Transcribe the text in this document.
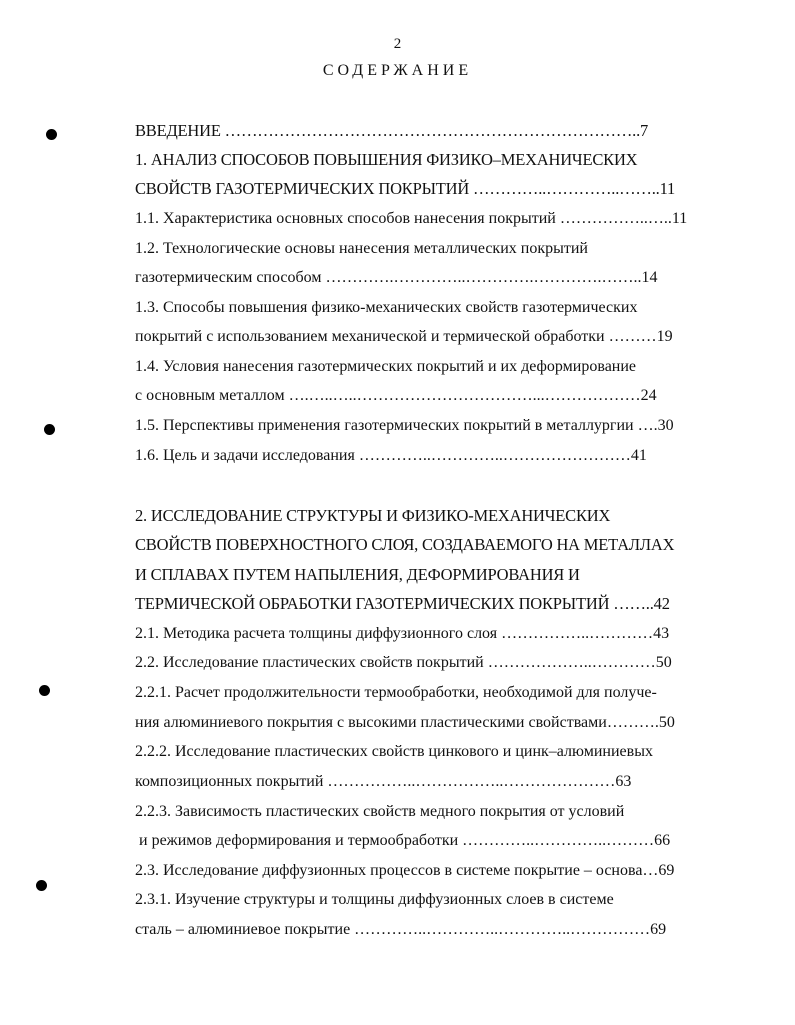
2
СОДЕРЖАНИЕ
ВВЕДЕНИЕ …………………………………………………………………..7
1. АНАЛИЗ СПОСОБОВ ПОВЫШЕНИЯ ФИЗИКО–МЕХАНИЧЕСКИХ
СВОЙСТВ ГАЗОТЕРМИЧЕСКИХ ПОКРЫТИЙ …………..…………..……..11
1.1. Характеристика основных способов нанесения покрытий ……………..…..11
1.2. Технологические основы нанесения металлических покрытий
газотермическим способом ………….…………..………….………….……..14
1.3. Способы повышения физико-механических свойств газотермических
покрытий с использованием механической и термической обработки ………19
1.4. Условия нанесения газотермических покрытий и их деформирование
с основным металлом ….…..…..……………………………...………………24
1.5. Перспективы применения газотермических покрытий в металлургии ….30
1.6. Цель и задачи исследования …………..…………..……………………41
2. ИССЛЕДОВАНИЕ СТРУКТУРЫ И ФИЗИКО-МЕХАНИЧЕСКИХ
СВОЙСТВ ПОВЕРХНОСТНОГО СЛОЯ, СОЗДАВАЕМОГО НА МЕТАЛЛАХ
И СПЛАВАХ ПУТЕМ НАПЫЛЕНИЯ, ДЕФОРМИРОВАНИЯ И
ТЕРМИЧЕСКОЙ ОБРАБОТКИ ГАЗОТЕРМИЧЕСКИХ ПОКРЫТИЙ ……..42
2.1. Методика расчета толщины диффузионного слоя ……………..…………43
2.2. Исследование пластических свойств покрытий ………………..…………50
2.2.1. Расчет продолжительности термообработки, необходимой для получе-
ния алюминиевого покрытия с высокими пластическими свойствами……….50
2.2.2. Исследование пластических свойств цинкового и цинк–алюминиевых
композиционных покрытий ……………..……………..…………………63
2.2.3. Зависимость пластических свойств медного покрытия от условий
и режимов деформирования и термообработки …………..…………..………66
2.3. Исследование диффузионных процессов в системе покрытие – основа…69
2.3.1. Изучение структуры и толщины диффузионных слоев в системе
сталь – алюминиевое покрытие …………..…………..…………..……………69
